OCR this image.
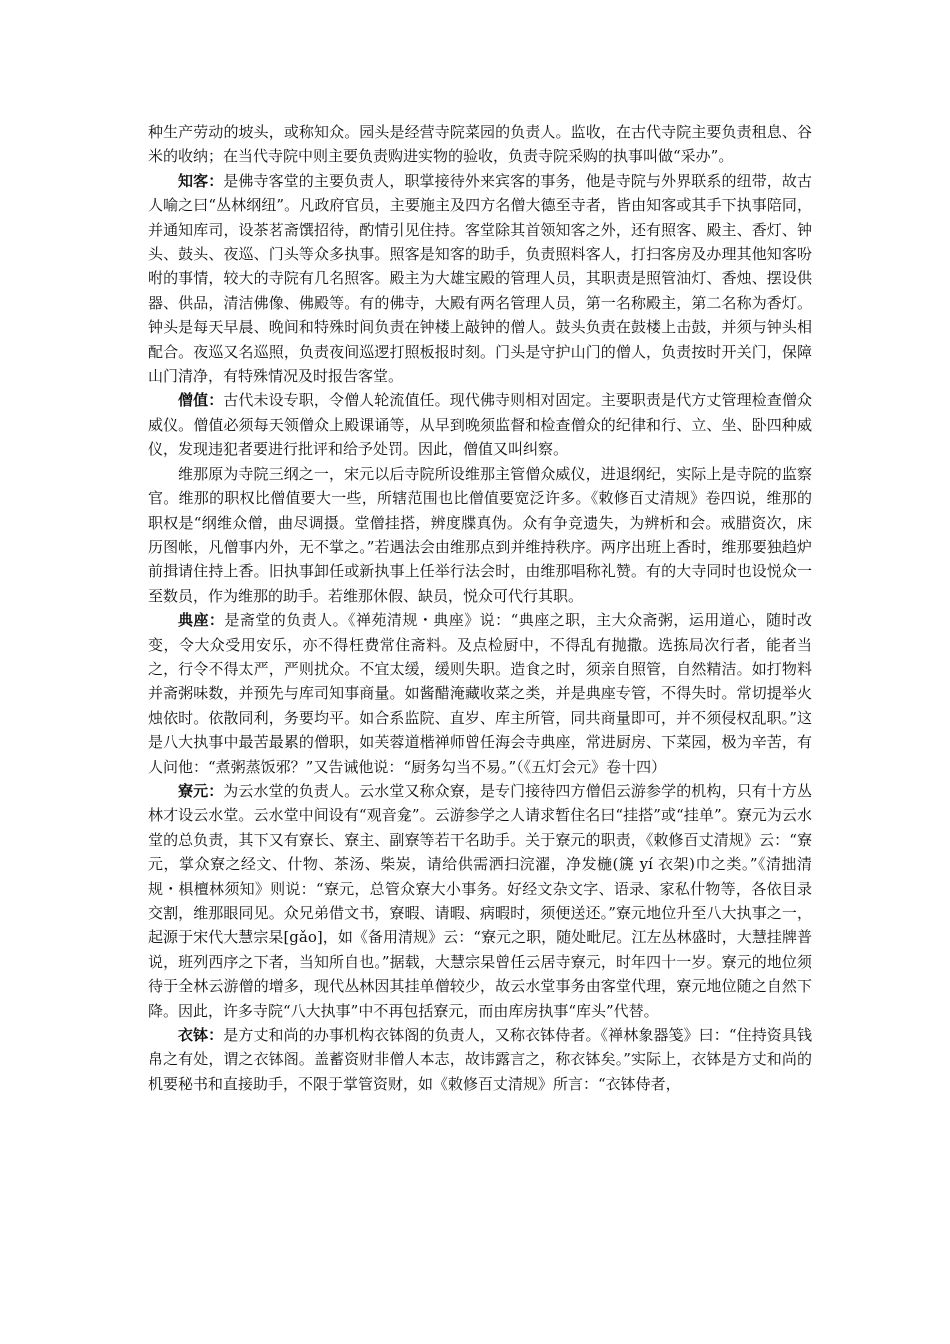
种生产劳动的坡头，或称知众。园头是经营寺院菜园的负责人。监收，在古代寺院主要负责租息、谷米的收纳；在当代寺院中则主要负责购进实物的验收，负责寺院采购的执事叫做“采办”。

知客：是佛寺客堂的主要负责人，职掌接待外来宾客的事务，他是寺院与外界联系的纽带，故古人喻之曰“丛林纲纽”。凡政府官员，主要施主及四方名僧大德至寺者，皆由知客或其手下执事陪同，并通知库司，设茶茗斋馔招待，酌情引见住持。客堂除其首领知客之外，还有照客、殿主、香灯、钟头、鼓头、夜巡、门头等众多执事。照客是知客的助手，负责照料客人，打扫客房及办理其他知客吩咐的事情，较大的寺院有几名照客。殿主为大雄宝殿的管理人员，其职责是照管油灯、香烛、摆设供器、供品，清洁佛像、佛殿等。有的佛寺，大殿有两名管理人员，第一名称殿主，第二名称为香灯。钟头是每天早晨、晚间和特殊时间负责在钟楼上敲钟的僧人。鼓头负责在鼓楼上击鼓，并须与钟头相配合。夜巡又名巡照，负责夜间巡逻打照板报时刻。门头是守护山门的僧人，负责按时开关门，保障山门清净，有特殊情况及时报告客堂。

僧值：古代未设专职，令僧人轮流值任。现代佛寺则相对固定。主要职责是代方丈管理检查僧众威仪。僧值必须每天领僧众上殿课诵等，从早到晚须监督和检查僧众的纪律和行、立、坐、卧四种威仪，发现违犯者要进行批评和给予处罚。因此，僧值又叫纠察。

维那原为寺院三纲之一，宋元以后寺院所设维那主管僧众威仪，进退纲纪，实际上是寺院的监察官。维那的职权比僧值要大一些，所辖范围也比僧值要宽泛许多。《敕修百丈清规》卷四说，维那的职权是“纲维众僧，曲尽调摄。堂僧挂搭，辨度牒真伪。众有争竞遗失，为辨析和会。戒腊资次，床历图帐，凡僧事内外，无不掌之。”若遇法会由维那点到并维持秩序。两序出班上香时，维那要独趋炉前揖请住持上香。旧执事卸任或新执事上任举行法会时，由维那唱称礼赞。有的大寺同时也设悦众一至数员，作为维那的助手。若维那休假、缺员，悦众可代行其职。

典座：是斋堂的负责人。《禅苑清规・典座》说：“典座之职，主大众斋粥，运用道心，随时改变，令大众受用安乐，亦不得枉费常住斋料。及点检厨中，不得乱有抛撒。选拣局次行者，能者当之，行令不得太严，严则扰众。不宜太缓，缓则失职。造食之时，须亲自照管，自然精洁。如打物料并斋粥味数，并预先与库司知事商量。如酱醋淹藏收菜之类，并是典座专管，不得失时。常切提举火烛依时。依散同利，务要均平。如合系监院、直岁、库主所管，同共商量即可，并不须侵权乱职。”这是八大执事中最苦最累的僧职，如芙蓉道楷禅师曾任海会寺典座，常进厨房、下菜园，极为辛苦，有人问他：“煮粥蒸饭邪？”又告诫他说：“厨务勾当不易。”（《五灯会元》卷十四）

寮元：为云水堂的负责人。云水堂又称众寮，是专门接待四方僧侣云游参学的机构，只有十方丛林才设云水堂。云水堂中间设有“观音龛”。云游参学之人请求暂住名曰“挂搭”或“挂单”。寮元为云水堂的总负责，其下又有寮长、寮主、副寮等若干名助手。关于寮元的职责，《敕修百丈清规》云：“寮元，掌众寮之经文、什物、茶汤、柴炭，请给供需洒扫浣濯，净发椸(篪 yí 衣架)巾之类。”《清拙清规・椇檀林须知》则说：“寮元，总管众寮大小事务。好经文杂文字、语录、家私什物等，各依目录交割，维那眼同见。众兄弟借文书，寮暇、请暇、病暇时，须便送还。”寮元地位升至八大执事之一，起源于宋代大慧宗杲[gǎo]，如《备用清规》云：“寮元之职，随处毗尼。江左丛林盛时，大慧挂牌普说，班列西序之下者，当知所自也。”据载，大慧宗杲曾任云居寺寮元，时年四十一岁。寮元的地位须待于全林云游僧的增多，现代丛林因其挂单僧较少，故云水堂事务由客堂代理，寮元地位随之自然下降。因此，许多寺院“八大执事”中不再包括寮元，而由库房执事“库头”代替。

衣钵：是方丈和尚的办事机构衣钵阁的负责人，又称衣钵侍者。《禅林象器笺》曰：“住持资具钱帛之有处，谓之衣钵阁。盖蓄资财非僧人本志，故讳露言之，称衣钵矣。”实际上，衣钵是方丈和尚的机要秘书和直接助手，不限于掌管资财，如《敕修百丈清规》所言：“衣钵侍者，
